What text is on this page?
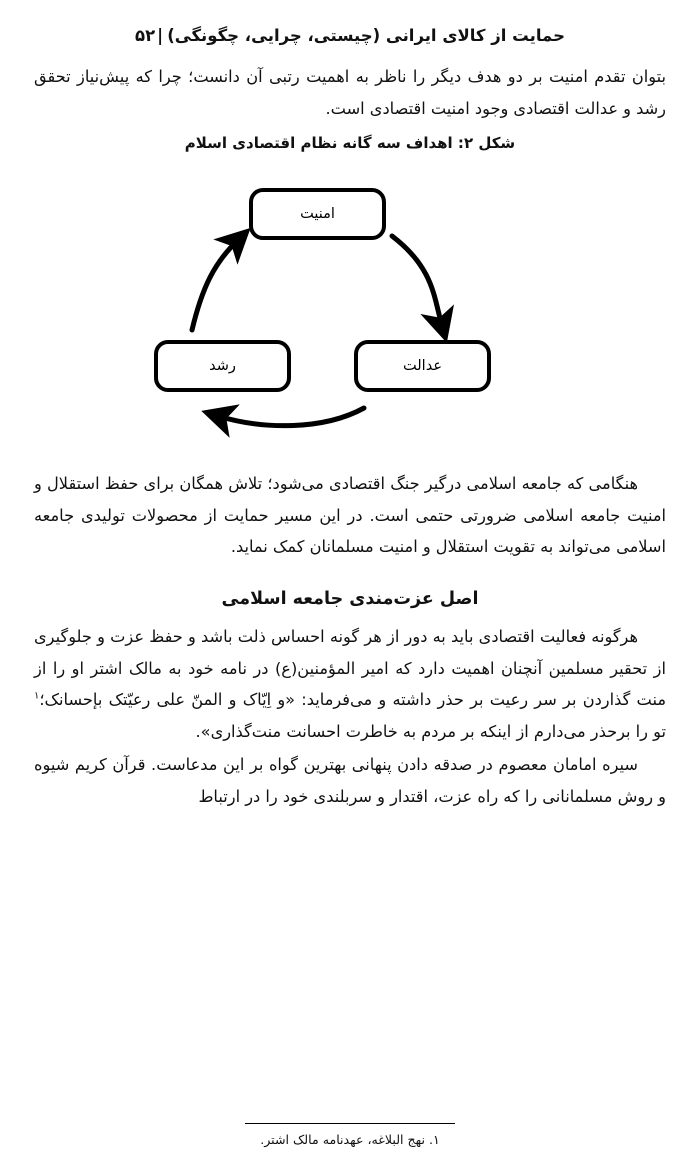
حمایت از کالای ایرانی (چیستی، چرایی، چگونگی)|۵۲

بتوان تقدم امنیت بر دو هدف دیگر را ناظر به اهمیت رتبی آن دانست؛ چرا که پیش‌نیاز تحقق رشد و عدالت اقتصادی وجود امنیت اقتصادی است.

شکل ۲: اهداف سه گانه نظام اقتصادی اسلام
امنیت
عدالت
رشد

هنگامی که جامعه اسلامی درگیر جنگ اقتصادی می‌شود؛ تلاش همگان برای حفظ استقلال و امنیت جامعه اسلامی ضرورتی حتمی است. در این مسیر حمایت از محصولات تولیدی جامعه اسلامی می‌تواند به تقویت استقلال و امنیت مسلمانان کمک نماید.

اصل عزت‌مندی جامعه اسلامی

هرگونه فعالیت اقتصادی باید به دور از هر گونه احساس ذلت باشد و حفظ عزت و جلوگیری از تحقیر مسلمین آنچنان اهمیت دارد که امیر المؤمنین(ع) در نامه خود به مالک اشتر او را از منت گذاردن بر سر رعیت بر حذر داشته و می‌فرماید: «و اِیّاک و المنّ علی رعیّتک بإحسانک؛$^۱$ تو را برحذر می‌دارم از اینکه بر مردم به خاطرت احسانت منت‌گذاری».

سیره امامان معصوم در صدقه دادن پنهانی بهترین گواه بر این مدعاست. قرآن کریم شیوه و روش مسلمانانی را که راه عزت، اقتدار و سربلندی خود را در ارتباط

۱. نهج البلاغه، عهدنامه مالک اشتر.
